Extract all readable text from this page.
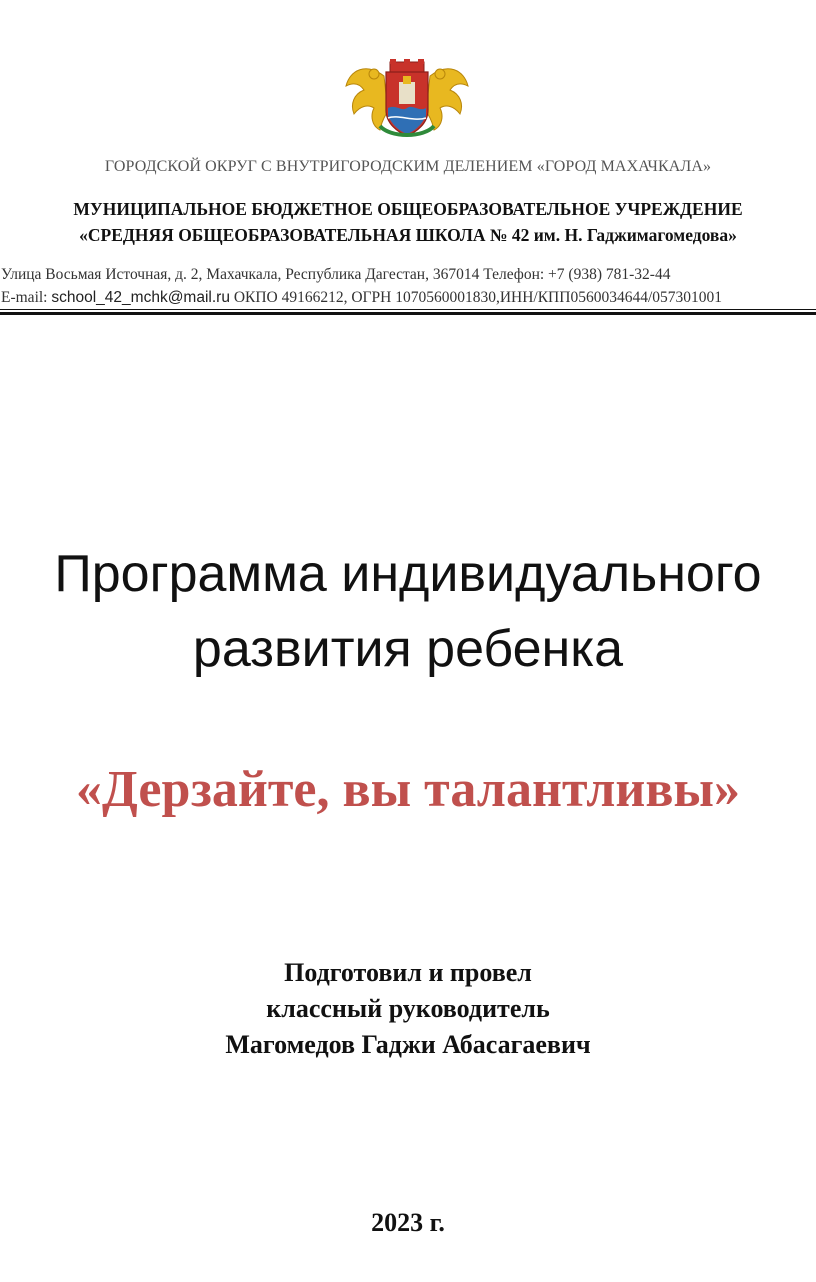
ГОРОДСКОЙ ОКРУГ С ВНУТРИГОРОДСКИМ ДЕЛЕНИЕМ «ГОРОД МАХАЧКАЛА»
МУНИЦИПАЛЬНОЕ БЮДЖЕТНОЕ ОБЩЕОБРАЗОВАТЕЛЬНОЕ УЧРЕЖДЕНИЕ
«СРЕДНЯЯ ОБЩЕОБРАЗОВАТЕЛЬНАЯ ШКОЛА № 42 им. Н. Гаджимагомедова»
Улица Восьмая Источная, д. 2, Махачкала, Республика Дагестан, 367014 Телефон: +7 (938) 781-32-44
E-mail: school_42_mchk@mail.ru ОКПО 49166212, ОГРН 1070560001830,ИНН/КПП0560034644/057301001
Программа индивидуального
развития ребенка
«Дерзайте, вы талантливы»
Подготовил и провел
классный руководитель
Магомедов Гаджи Абасагаевич
2023 г.
